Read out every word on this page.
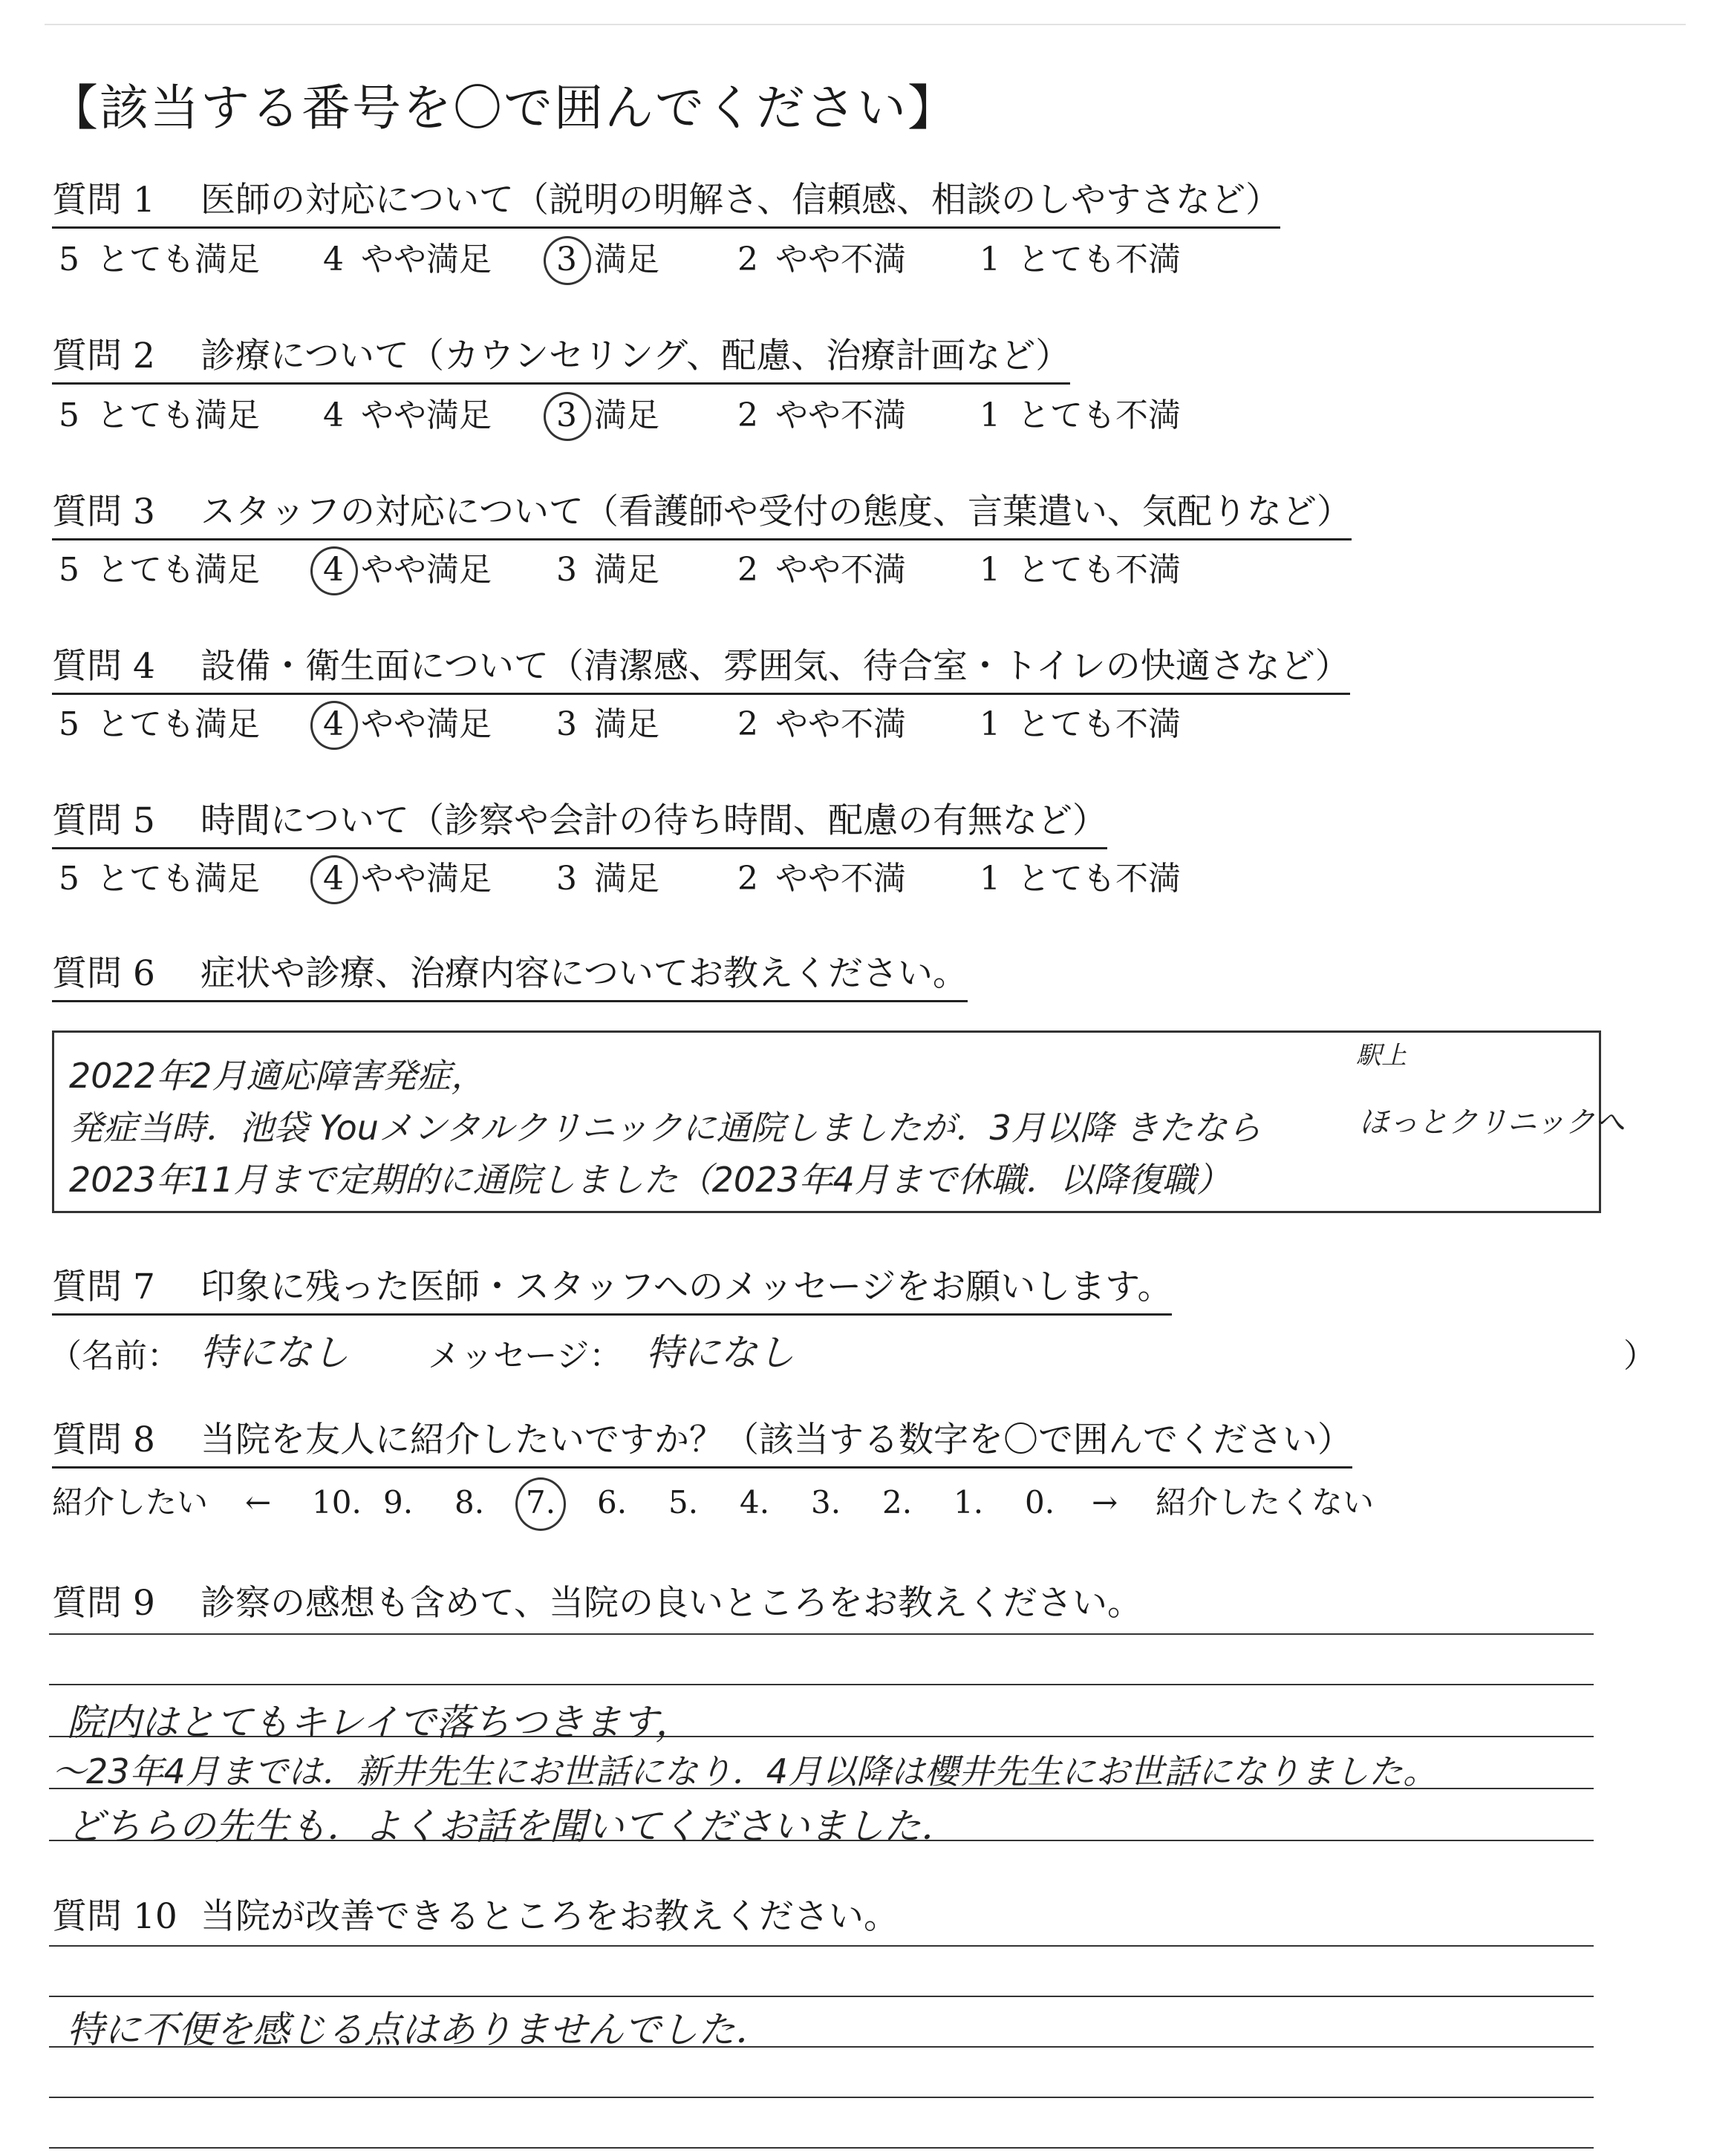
【該当する番号を〇で囲んでください】
質問 1 医師の対応について（説明の明解さ、信頼感、相談のしやすさなど）
5 とても満足 4 やや満足 3 満足 2 やや不満 1 とても不満
質問 2 診療について（カウンセリング、配慮、治療計画など）
5 とても満足 4 やや満足 3 満足 2 やや不満 1 とても不満
質問 3 スタッフの対応について（看護師や受付の態度、言葉遣い、気配りなど）
5 とても満足 4 やや満足 3 満足 2 やや不満 1 とても不満
質問 4 設備・衛生面について（清潔感、雰囲気、待合室・トイレの快適さなど）
5 とても満足 4 やや満足 3 満足 2 やや不満 1 とても不満
質問 5 時間について（診察や会計の待ち時間、配慮の有無など）
5 とても満足 4 やや満足 3 満足 2 やや不満 1 とても不満
質問 6 症状や診療、治療内容についてお教えください。
2022年2月適応障害発症，
発症当時．池袋 Youメンタルクリニックに通院しましたが．3月以降 きたなら
2023年11月まで定期的に通院しました（2023年4月まで休職．以降復職）
駅上
ほっとクリニックへ
質問 7 印象に残った医師・スタッフへのメッセージをお願いします。
（ 名前： 特になし メッセージ： 特になし	）
質問 8 当院を友人に紹介したいですか？（該当する数字を〇で囲んでください）
紹介したい ←	→ 紹介したくない
10. 9. 8. 7. 6. 5. 4. 3. 2. 1. 0.
質問 9 診察の感想も含めて、当院の良いところをお教えください。
院内はとてもキレイで落ちつきます，
～23年4月までは．新井先生にお世話になり．4月以降は櫻井先生にお世話になりました。
どちらの先生も．よくお話を聞いてくださいました．
質問 10 当院が改善できるところをお教えください。
特に不便を感じる点はありませんでした．
